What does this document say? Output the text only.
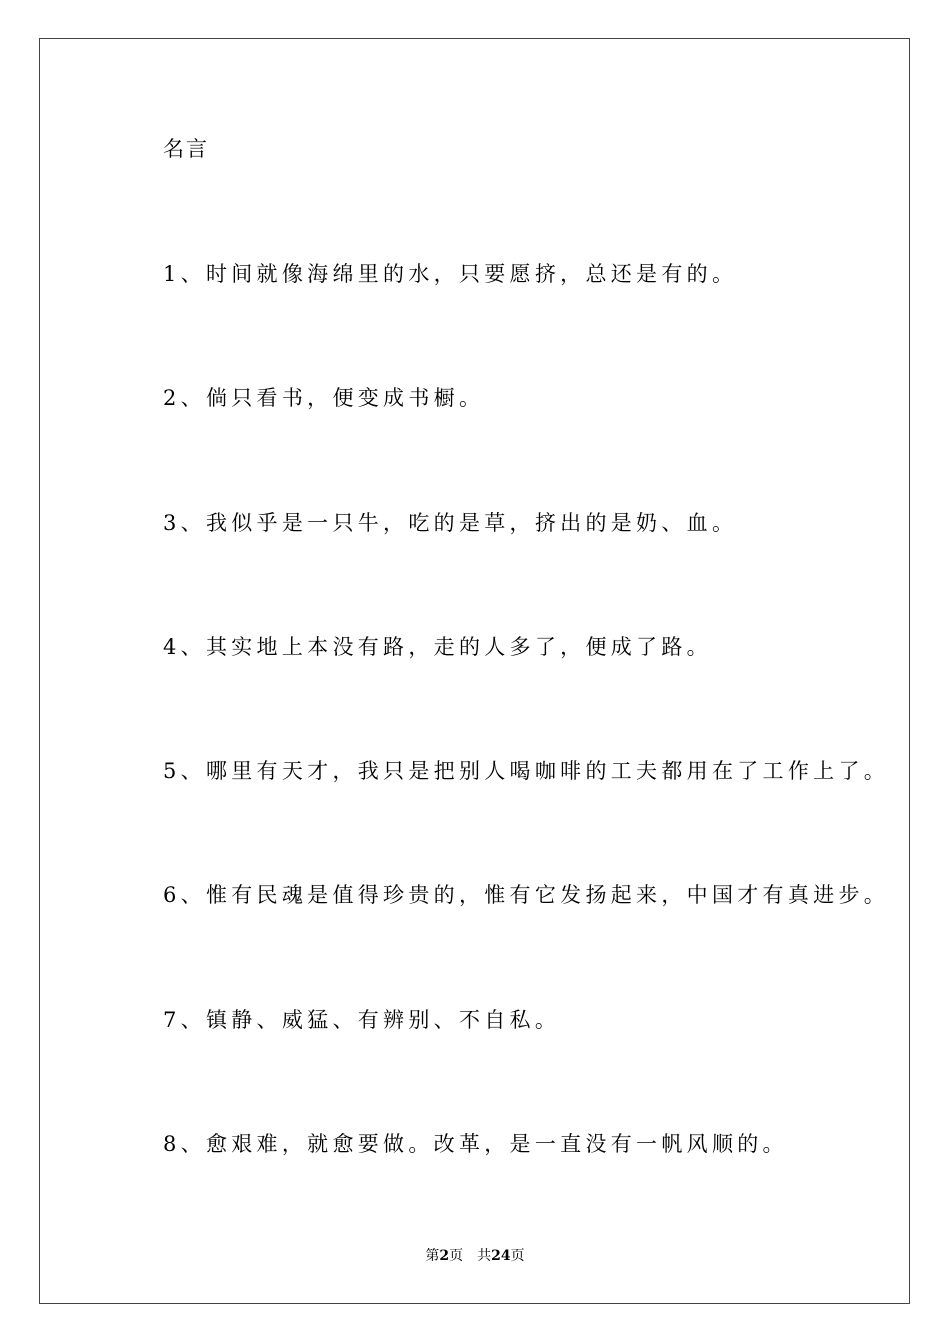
名言
1、时间就像海绵里的水，只要愿挤，总还是有的。
2、倘只看书，便变成书橱。
3、我似乎是一只牛，吃的是草，挤出的是奶、血。
4、其实地上本没有路，走的人多了，便成了路。
5、哪里有天才，我只是把别人喝咖啡的工夫都用在了工作上了。
6、惟有民魂是值得珍贵的，惟有它发扬起来，中国才有真进步。
7、镇静、威猛、有辨别、不自私。
8、愈艰难，就愈要做。改革，是一直没有一帆风顺的。
第2页 共24页
